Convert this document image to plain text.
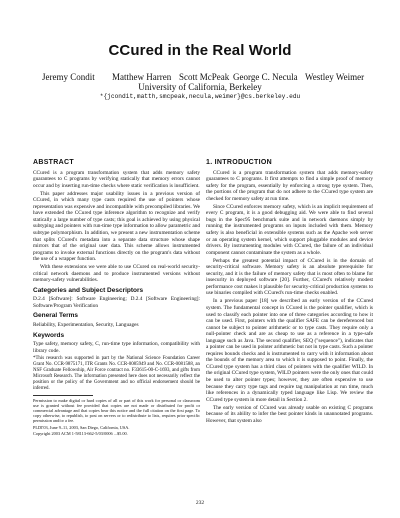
CCured in the Real World
Jeremy Condit Matthew Harren Scott McPeak George C. Necula Westley Weimer
University of California, Berkeley
*{jcondit,matth,smcpeak,necula,weimer}@cs.berkeley.edu
ABSTRACT

CCured is a program transformation system that adds memory safety guarantees to C programs by verifying statically that memory errors cannot occur and by inserting run-time checks where static verification is insufficient.

This paper addresses major usability issues in a previous version of CCured, in which many type casts required the use of pointers whose representation was expensive and incompatible with precompiled libraries. We have extended the CCured type inference algorithm to recognize and verify statically a large number of type casts; this goal is achieved by using physical subtyping and pointers with run-time type information to allow parametric and subtype polymorphism. In addition, we present a new instrumentation scheme that splits CCured's metadata into a separate data structure whose shape mirrors that of the original user data. This scheme allows instrumented programs to invoke external functions directly on the program's data without the use of a wrapper function.

With these extensions we were able to use CCured on real-world security-critical network daemons and to produce instrumented versions without memory-safety vulnerabilities.

Categories and Subject Descriptors

D.2.4 [Software]: Software Engineering; D.2.4 [Software Engineering]: Software/Program Verification

General Terms

Reliability, Experimentation, Security, Languages

Keywords

Type safety, memory safety, C, run-time type information, compatibility with library code.

*This research was supported in part by the National Science Foundation Career Grant No. CCR-9875171, ITR Grants No. CCR-0085949 and No. CCR-0081588, an NSF Graduate Fellowship, Air Force contract no. F33615-00-C-1693, and gifts from Microsoft Research. The information presented here does not necessarily reflect the position or the policy of the Government and no official endorsement should be inferred.

Permission to make digital or hard copies of all or part of this work for personal or classroom use is granted without fee provided that copies are not made or distributed for profit or commercial advantage and that copies bear this notice and the full citation on the first page. To copy otherwise, to republish, to post on servers or to redistribute to lists, requires prior specific permission and/or a fee.

PLDI'03, June 9–11, 2003, San Diego, California, USA.

Copyright 2003 ACM 1-58113-662-5/03/0006 ...$5.00.

1. INTRODUCTION

CCured is a program transformation system that adds memory-safety guarantees to C programs. It first attempts to find a simple proof of memory safety for the program, essentially by enforcing a strong type system. Then, the portions of the program that do not adhere to the CCured type system are checked for memory safety at run time.

Since CCured enforces memory safety, which is an implicit requirement of every C program, it is a good debugging aid. We were able to find several bugs in the Spec95 benchmark suite and in network daemons simply by running the instrumented programs on inputs included with them. Memory safety is also beneficial in extensible systems such as the Apache web server or an operating system kernel, which support pluggable modules and device drivers. By instrumenting modules with CCured, the failure of an individual component cannot contaminate the system as a whole.

Perhaps the greatest potential impact of CCured is in the domain of security-critical software. Memory safety is an absolute prerequisite for security, and it is the failure of memory safety that is most often to blame for insecurity in deployed software [20]. Further, CCured's relatively modest performance cost makes it plausible for security-critical production systems to use binaries compiled with CCured's run-time checks enabled.

In a previous paper [18] we described an early version of the CCured system. The fundamental concept in CCured is the pointer qualifier, which is used to classify each pointer into one of three categories according to how it can be used. First, pointers with the qualifier SAFE can be dereferenced but cannot be subject to pointer arithmetic or to type casts. They require only a null-pointer check and are as cheap to use as a reference in a type-safe language such as Java. The second qualifier, SEQ ("sequence"), indicates that a pointer can be used in pointer arithmetic but not in type casts. Such a pointer requires bounds checks and is instrumented to carry with it information about the bounds of the memory area to which it is supposed to point. Finally, the CCured type system has a third class of pointers with the qualifier WILD. In the original CCured type system, WILD pointers were the only ones that could be used to alter pointer types; however, they are often expensive to use because they carry type tags and require tag manipulation at run time, much like references in a dynamically typed language like Lisp. We review the CCured type system in more detail in Section 2.

The early version of CCured was already usable on existing C programs because of its ability to infer the best pointer kinds in unannotated programs. However, that system also

232
